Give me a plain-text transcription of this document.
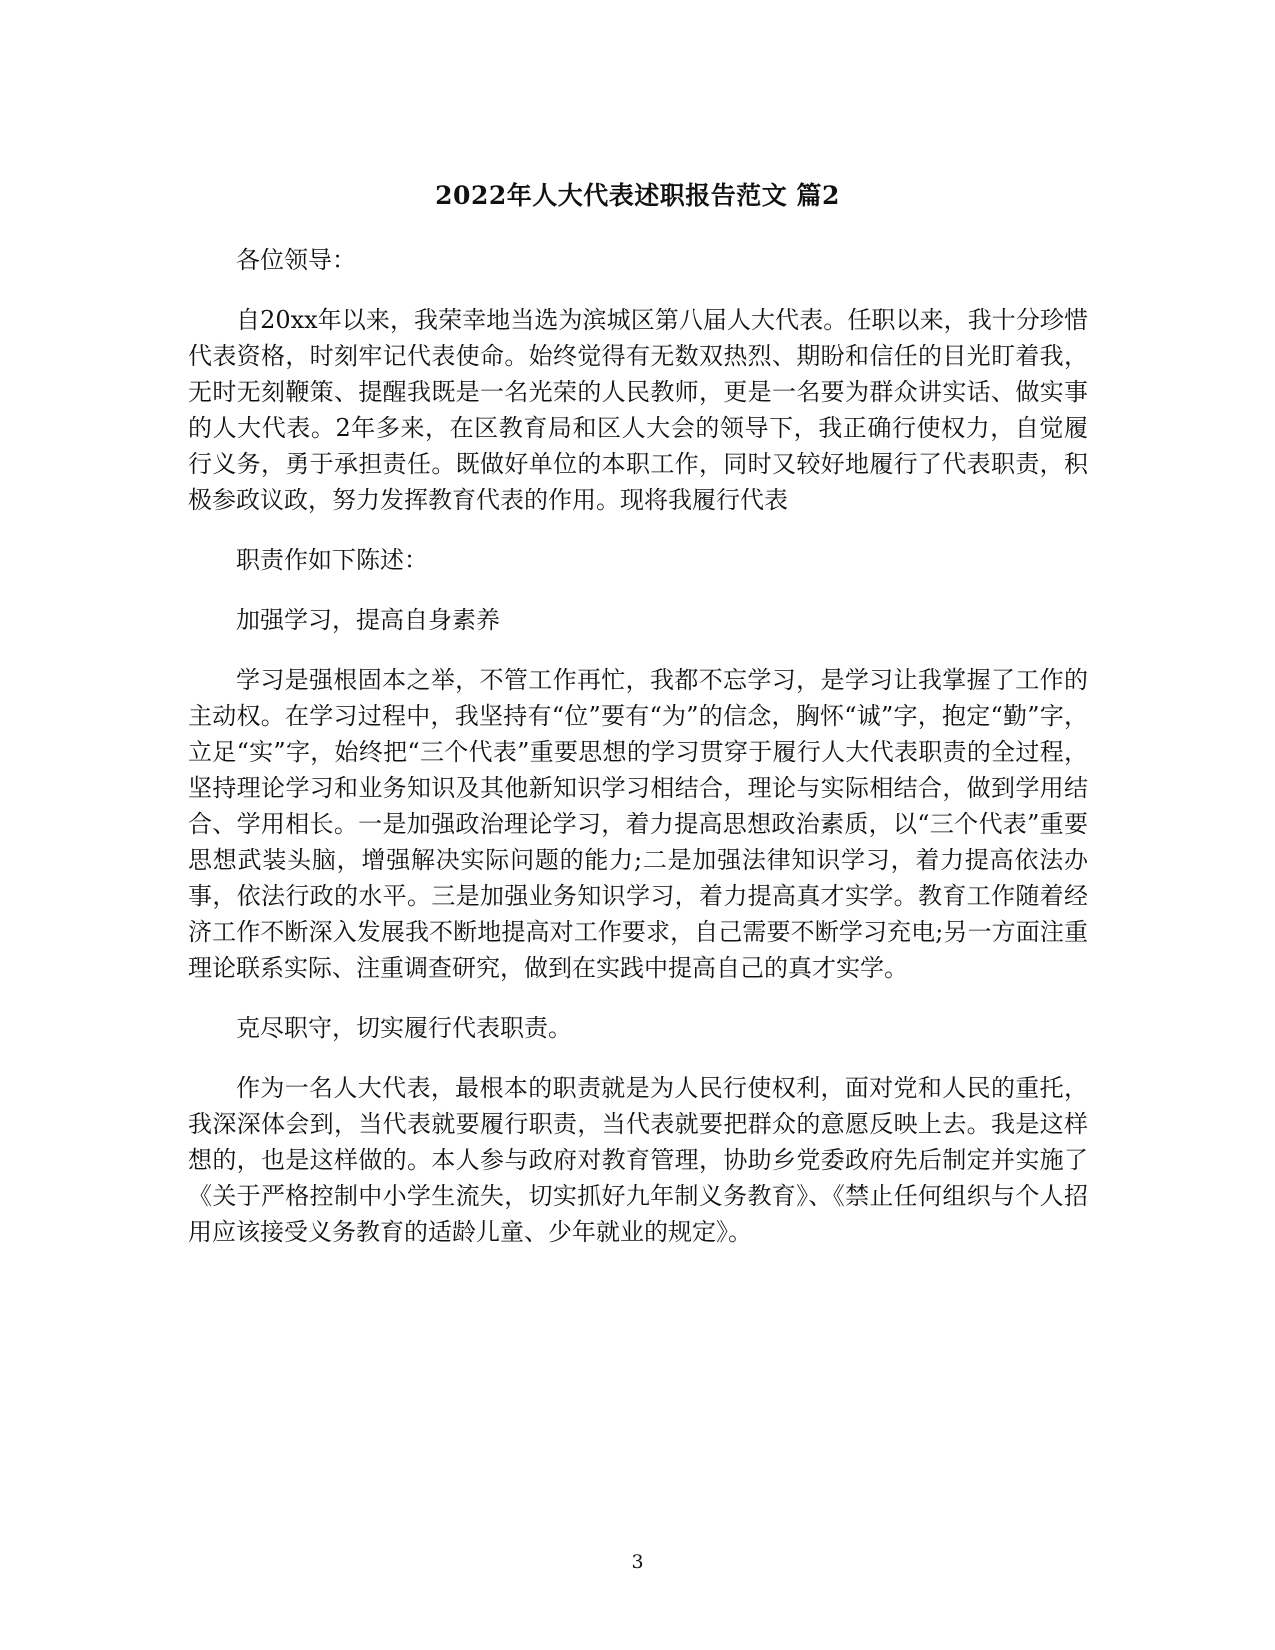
2022年人大代表述职报告范文 篇2

各位领导：

自20xx年以来，我荣幸地当选为滨城区第八届人大代表。任职以来，我十分珍惜代表资格，时刻牢记代表使命。始终觉得有无数双热烈、期盼和信任的目光盯着我，无时无刻鞭策、提醒我既是一名光荣的人民教师，更是一名要为群众讲实话、做实事的人大代表。2年多来，在区教育局和区人大会的领导下，我正确行使权力，自觉履行义务，勇于承担责任。既做好单位的本职工作，同时又较好地履行了代表职责，积极参政议政，努力发挥教育代表的作用。现将我履行代表

职责作如下陈述：

加强学习，提高自身素养

学习是强根固本之举，不管工作再忙，我都不忘学习，是学习让我掌握了工作的主动权。在学习过程中，我坚持有“位”要有“为”的信念，胸怀“诚”字，抱定“勤”字，立足“实”字，始终把“三个代表”重要思想的学习贯穿于履行人大代表职责的全过程，坚持理论学习和业务知识及其他新知识学习相结合，理论与实际相结合，做到学用结合、学用相长。一是加强政治理论学习，着力提高思想政治素质，以“三个代表”重要思想武装头脑，增强解决实际问题的能力;二是加强法律知识学习，着力提高依法办事，依法行政的水平。三是加强业务知识学习，着力提高真才实学。教育工作随着经济工作不断深入发展我不断地提高对工作要求，自己需要不断学习充电;另一方面注重理论联系实际、注重调查研究，做到在实践中提高自己的真才实学。

克尽职守，切实履行代表职责。

作为一名人大代表，最根本的职责就是为人民行使权利，面对党和人民的重托，我深深体会到，当代表就要履行职责，当代表就要把群众的意愿反映上去。我是这样想的，也是这样做的。本人参与政府对教育管理，协助乡党委政府先后制定并实施了《关于严格控制中小学生流失，切实抓好九年制义务教育》、《禁止任何组织与个人招用应该接受义务教育的适龄儿童、少年就业的规定》。

3
